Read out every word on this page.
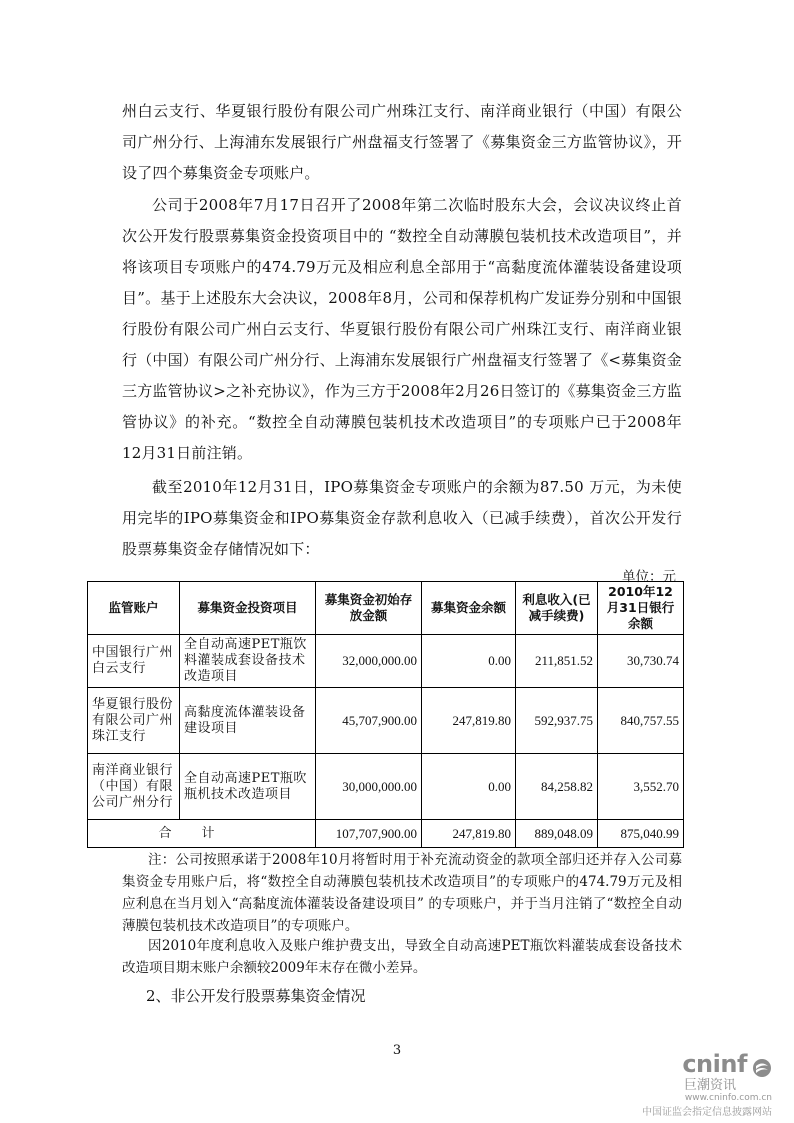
州白云支行、华夏银行股份有限公司广州珠江支行、南洋商业银行（中国）有限公司广州分行、上海浦东发展银行广州盘福支行签署了《募集资金三方监管协议》，开设了四个募集资金专项账户。

公司于2008年7月17日召开了2008年第二次临时股东大会，会议决议终止首次公开发行股票募集资金投资项目中的 “数控全自动薄膜包装机技术改造项目”，并将该项目专项账户的474.79万元及相应利息全部用于“高黏度流体灌装设备建设项目”。基于上述股东大会决议，2008年8月，公司和保荐机构广发证券分别和中国银行股份有限公司广州白云支行、华夏银行股份有限公司广州珠江支行、南洋商业银行（中国）有限公司广州分行、上海浦东发展银行广州盘福支行签署了《<募集资金三方监管协议>之补充协议》，作为三方于2008年2月26日签订的《募集资金三方监管协议》的补充。“数控全自动薄膜包装机技术改造项目”的专项账户已于2008年12月31日前注销。

截至2010年12月31日，IPO募集资金专项账户的余额为87.50 万元，为未使用完毕的IPO募集资金和IPO募集资金存款利息收入（已减手续费），首次公开发行股票募集资金存储情况如下：

单位：元
监管账户	募集资金投资项目	募集资金初始存放金额	募集资金余额	利息收入(已减手续费)	2010年12月31日银行余额
中国银行广州白云支行	全自动高速PET瓶饮料灌装成套设备技术改造项目	32,000,000.00	0.00	211,851.52	30,730.74
华夏银行股份有限公司广州珠江支行	高黏度流体灌装设备建设项目	45,707,900.00	247,819.80	592,937.75	840,757.55
南洋商业银行（中国）有限公司广州分行	全自动高速PET瓶吹瓶机技术改造项目	30,000,000.00	0.00	84,258.82	3,552.70
合计		107,707,900.00	247,819.80	889,048.09	875,040.99

注：公司按照承诺于2008年10月将暂时用于补充流动资金的款项全部归还并存入公司募集资金专用账户后，将“数控全自动薄膜包装机技术改造项目”的专项账户的474.79万元及相应利息在当月划入“高黏度流体灌装设备建设项目” 的专项账户，并于当月注销了“数控全自动薄膜包装机技术改造项目”的专项账户。

因2010年度利息收入及账户维护费支出，导致全自动高速PET瓶饮料灌装成套设备技术改造项目期末账户余额较2009年末存在微小差异。

2、非公开发行股票募集资金情况
3	cninf
巨潮资讯
www.cninfo.com.cn
中国证监会指定信息披露网站
